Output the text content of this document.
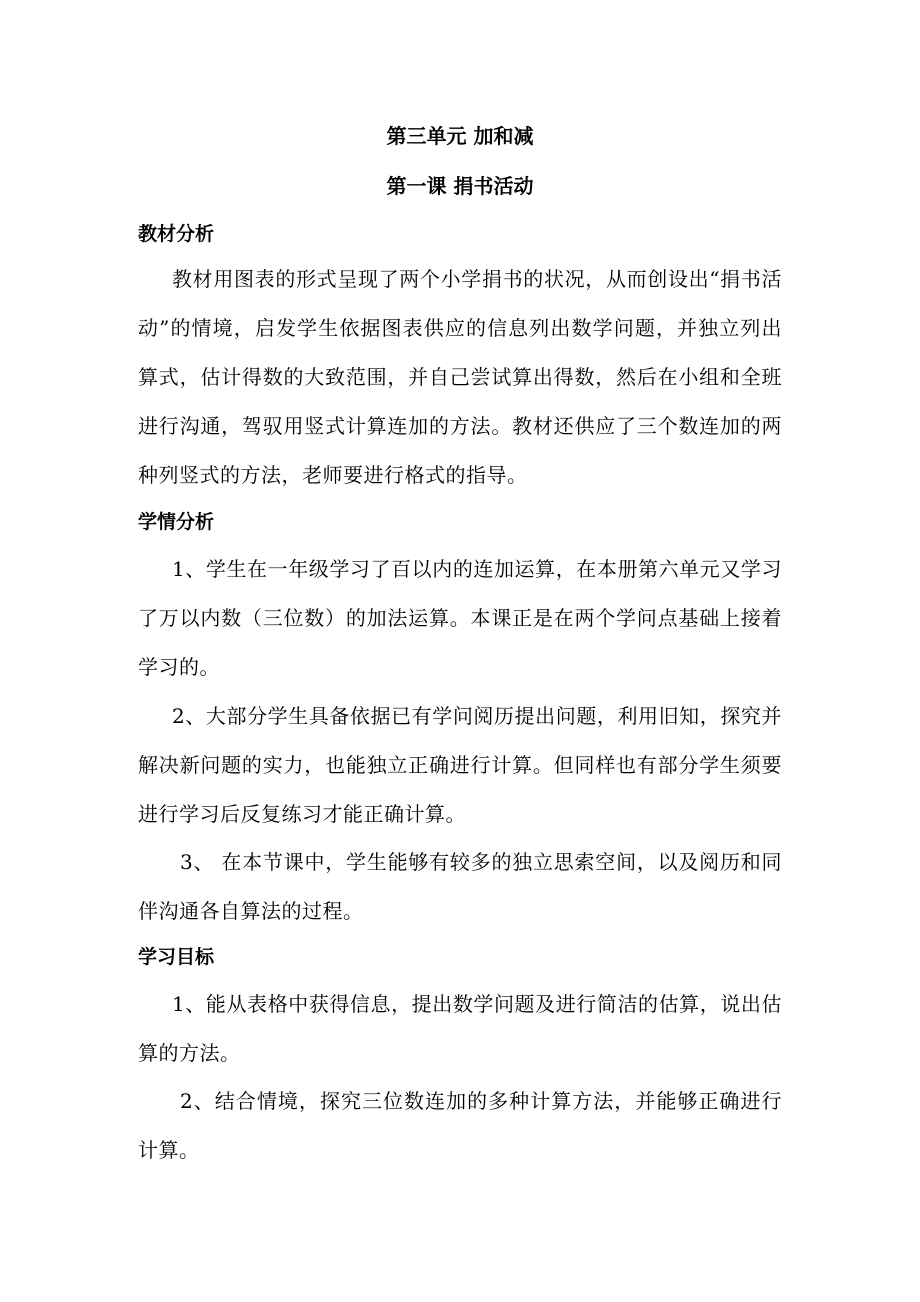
第三单元 加和减
第一课 捐书活动
教材分析

教材用图表的形式呈现了两个小学捐书的状况，从而创设出“捐书活动”的情境，启发学生依据图表供应的信息列出数学问题，并独立列出算式，估计得数的大致范围，并自己尝试算出得数，然后在小组和全班进行沟通，驾驭用竖式计算连加的方法。教材还供应了三个数连加的两种列竖式的方法，老师要进行格式的指导。

学情分析

1、学生在一年级学习了百以内的连加运算，在本册第六单元又学习了万以内数（三位数）的加法运算。本课正是在两个学问点基础上接着学习的。

2、大部分学生具备依据已有学问阅历提出问题，利用旧知，探究并解决新问题的实力，也能独立正确进行计算。但同样也有部分学生须要进行学习后反复练习才能正确计算。

3、 在本节课中，学生能够有较多的独立思索空间，以及阅历和同伴沟通各自算法的过程。

学习目标

1、能从表格中获得信息，提出数学问题及进行简洁的估算，说出估算的方法。

2、结合情境，探究三位数连加的多种计算方法，并能够正确进行计算。
